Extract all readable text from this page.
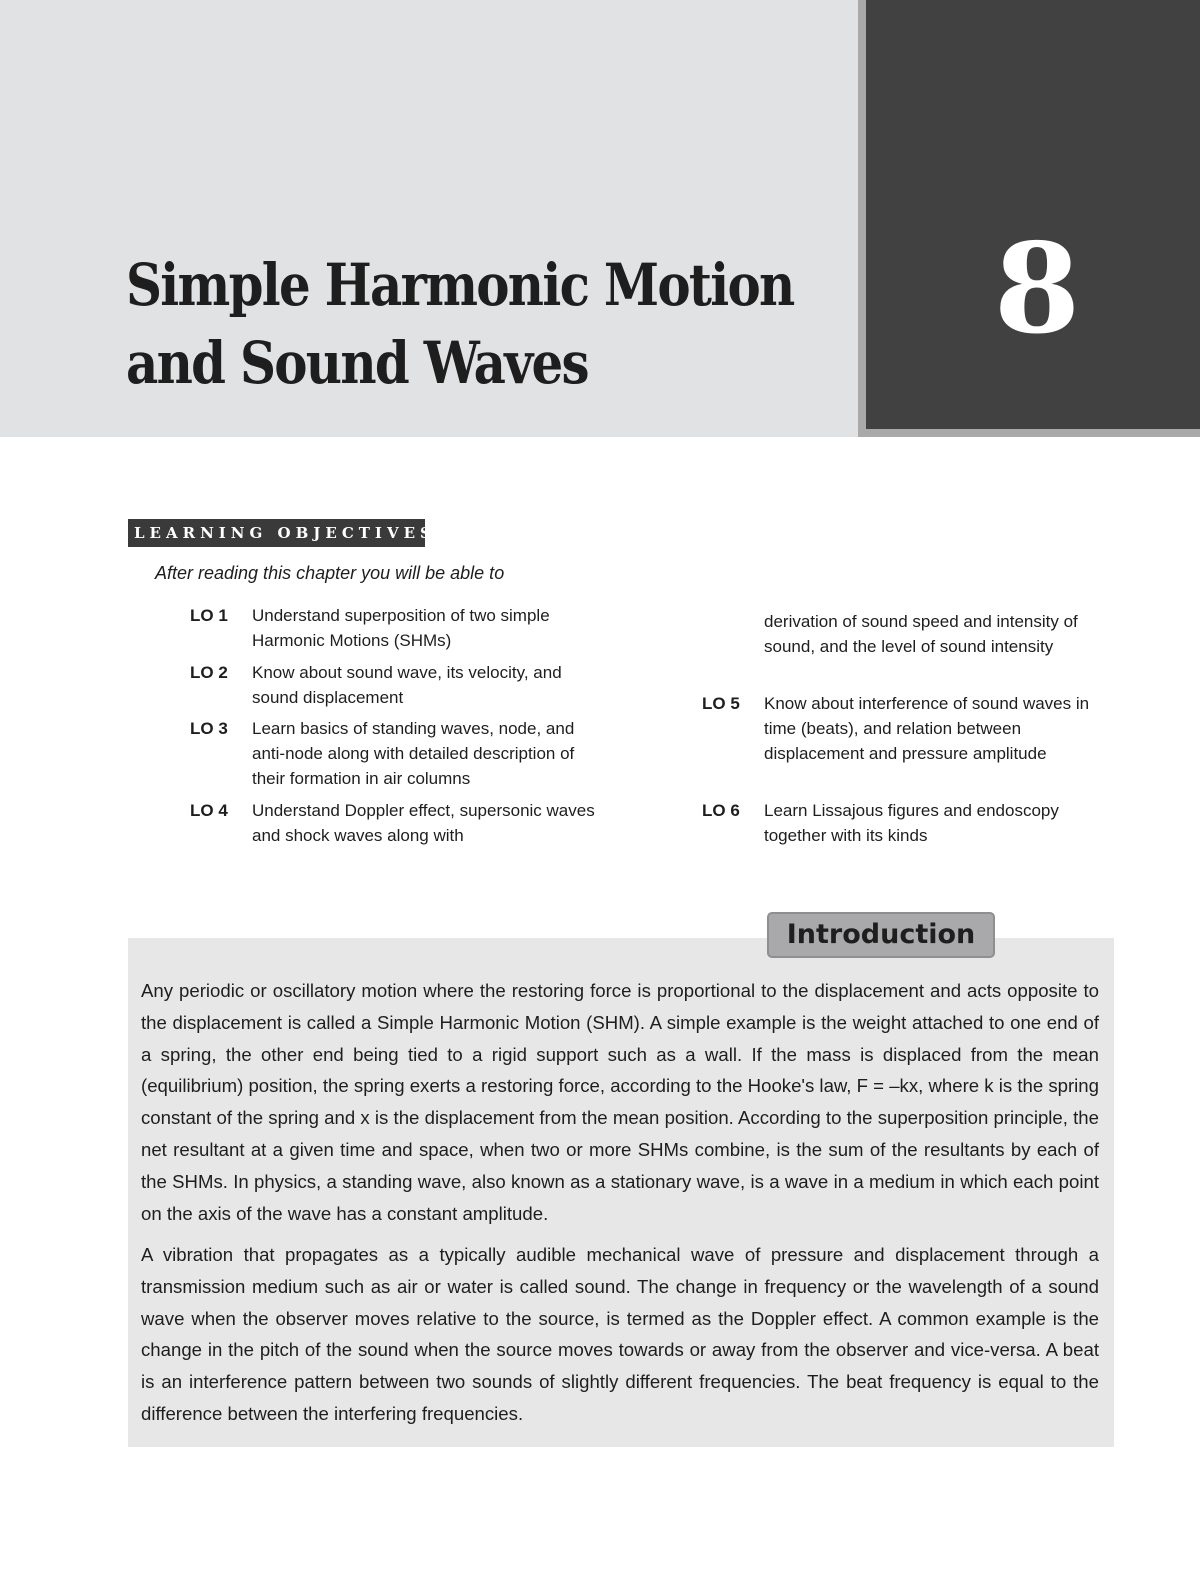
Simple Harmonic Motion
and Sound Waves
8
LEARNING OBJECTIVES
After reading this chapter you will be able to
LO 1 Understand superposition of two simple Harmonic Motions (SHMs)
LO 2 Know about sound wave, its velocity, and sound displacement
LO 3 Learn basics of standing waves, node, and anti-node along with detailed description of their formation in air columns
LO 4 Understand Doppler effect, supersonic waves and shock waves along with
derivation of sound speed and intensity of sound, and the level of sound intensity
LO 5 Know about interference of sound waves in time (beats), and relation between displacement and pressure amplitude
LO 6 Learn Lissajous figures and endoscopy together with its kinds
Introduction

Any periodic or oscillatory motion where the restoring force is proportional to the displacement and acts opposite to the displacement is called a Simple Harmonic Motion (SHM). A simple example is the weight attached to one end of a spring, the other end being tied to a rigid support such as a wall. If the mass is displaced from the mean (equilibrium) position, the spring exerts a restoring force, according to the Hooke's law, F = –kx, where k is the spring constant of the spring and x is the displacement from the mean position. According to the superposition principle, the net resultant at a given time and space, when two or more SHMs combine, is the sum of the resultants by each of the SHMs. In physics, a standing wave, also known as a stationary wave, is a wave in a medium in which each point on the axis of the wave has a constant amplitude.

A vibration that propagates as a typically audible mechanical wave of pressure and displacement through a transmission medium such as air or water is called sound. The change in frequency or the wavelength of a sound wave when the observer moves relative to the source, is termed as the Doppler effect. A common example is the change in the pitch of the sound when the source moves towards or away from the observer and vice-versa. A beat is an interference pattern between two sounds of slightly different frequencies. The beat frequency is equal to the difference between the interfering frequencies.
